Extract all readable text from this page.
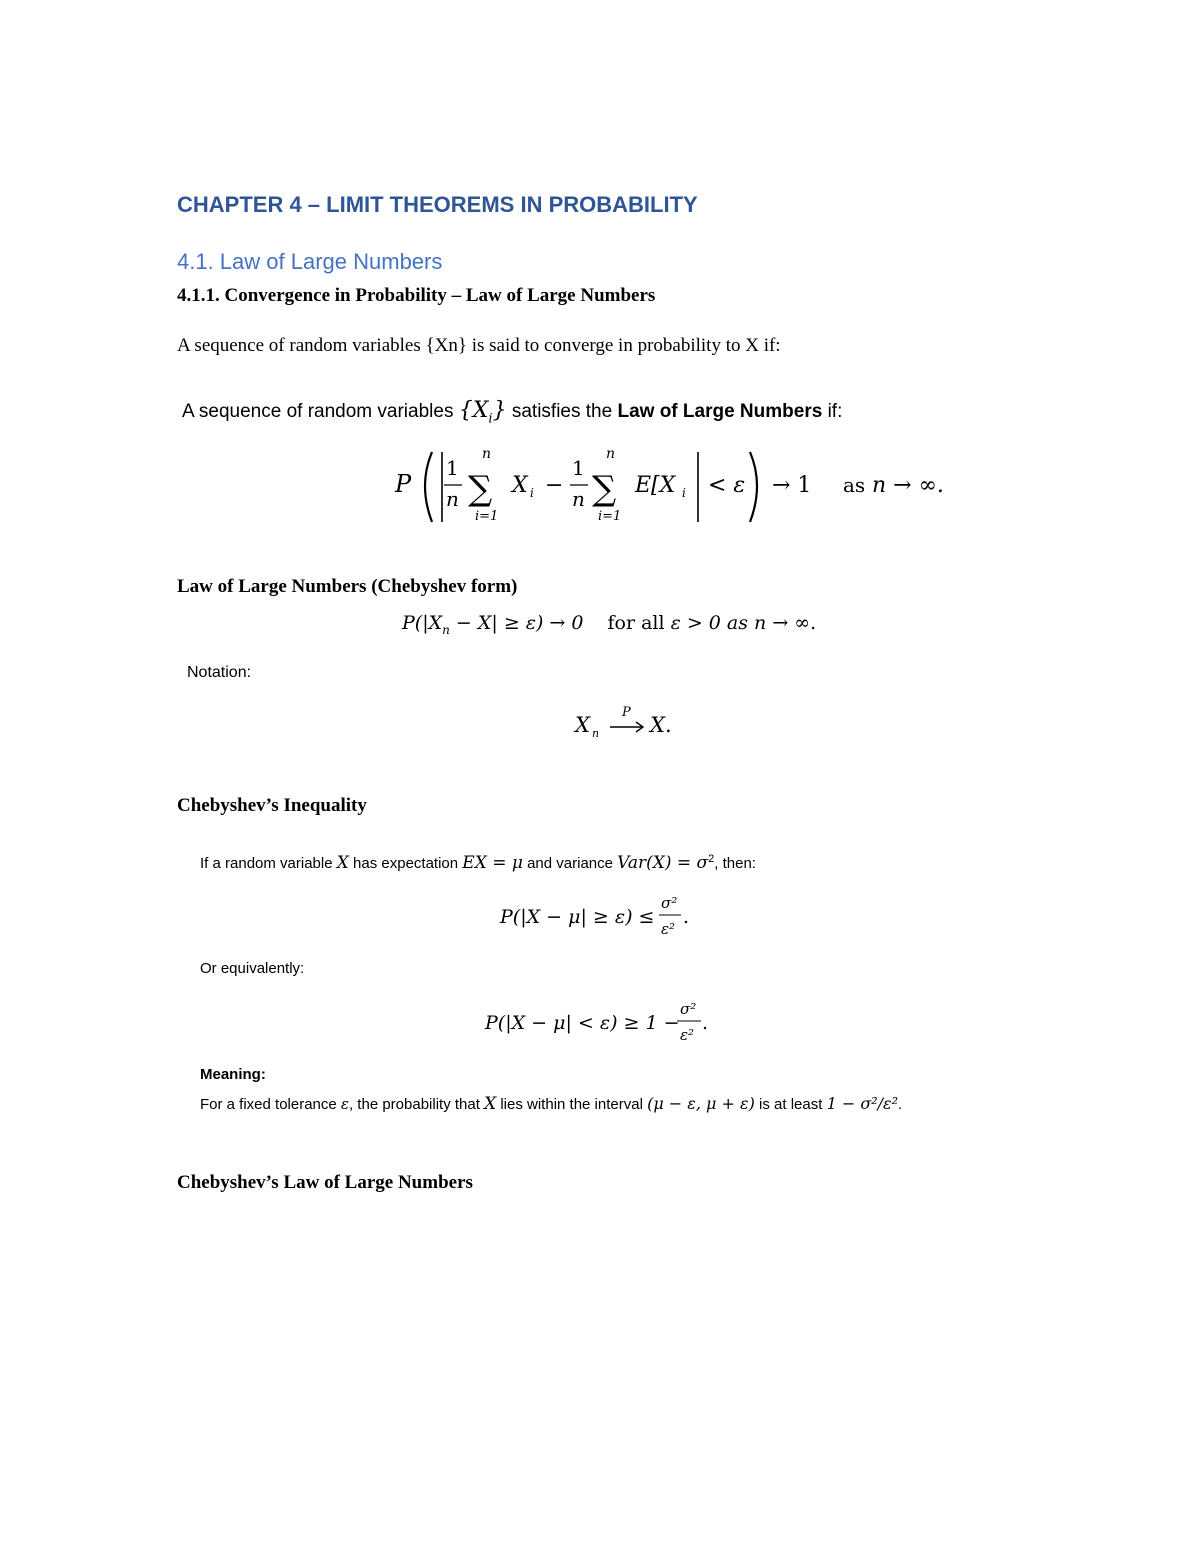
CHAPTER 4 – LIMIT THEOREMS IN PROBABILITY
4.1. Law of Large Numbers
4.1.1. Convergence in Probability – Law of Large Numbers
A sequence of random variables {Xn} is said to converge in probability to X if:
A sequence of random variables $\{X_i\}$ satisfies the Law of Large Numbers if:
P
1
n
n
∑
i=1
X i −
1
n
n
∑
i=1
E[X i < ε → 1 as n → ∞.
Law of Large Numbers (Chebyshev form)
$P(|X_n - X| \ge \varepsilon) \to 0$ for all ε > 0 as n → ∞.
Notation:
X n
P
X.
Chebyshev’s Inequality
If a random variable X has expectation EX = μ and variance $Var(X) = \sigma^2$, then:
P(|X − μ| ≥ ε) ≤
σ²
ε²
.
Or equivalently:
P(|X − μ| < ε) ≥ 1 −
σ²
ε²
.
Meaning:
For a fixed tolerance ε, the probability that X lies within the interval (μ − ε, μ + ε) is at least 1 − σ²/ε².
Chebyshev’s Law of Large Numbers
